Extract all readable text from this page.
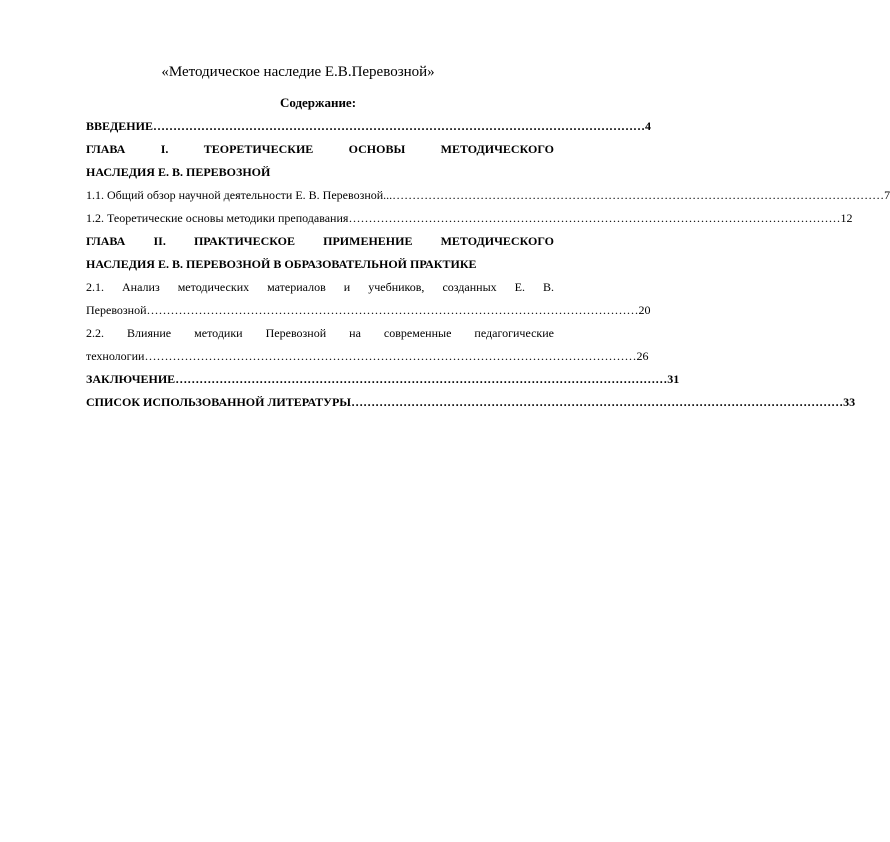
«Методическое наследие Е.В.Перевозной»
Содержание:
ВВЕДЕНИЕ …………………………………………………………………………………………………………… 4
ГЛАВА I. ТЕОРЕТИЧЕСКИЕ ОСНОВЫ МЕТОДИЧЕСКОГО
НАСЛЕДИЯ Е. В. ПЕРЕВОЗНОЙ
1.1. Общий обзор научной деятельности Е. В. Перевозной... …………………………………………………………………………………………………………… 7
1.2. Теоретические основы методики преподавания …………………………………………………………………………………………………………… 12
ГЛАВА II. ПРАКТИЧЕСКОЕ ПРИМЕНЕНИЕ МЕТОДИЧЕСКОГО
НАСЛЕДИЯ Е. В. ПЕРЕВОЗНОЙ В ОБРАЗОВАТЕЛЬНОЙ ПРАКТИКЕ
2.1. Анализ методических материалов и учебников, созданных Е. В.
Перевозной …………………………………………………………………………………………………………… 20
2.2. Влияние методики Перевозной на современные педагогические
технологии …………………………………………………………………………………………………………… 26
ЗАКЛЮЧЕНИЕ …………………………………………………………………………………………………………… 31
СПИСОК ИСПОЛЬЗОВАННОЙ ЛИТЕРАТУРЫ …………………………………………………………………………………………………………… 33
